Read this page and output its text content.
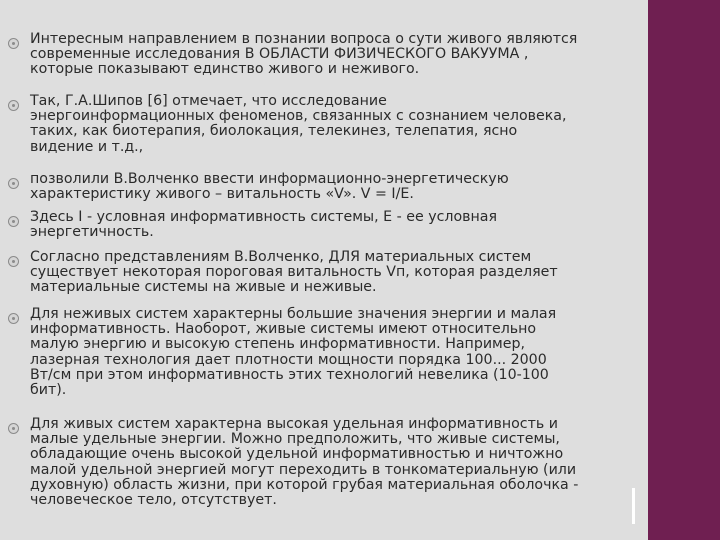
Интересным направлением в познании вопроса о сути живого являются
современные исследования В ОБЛАСТИ ФИЗИЧЕСКОГО ВАКУУМА ,
которые показывают единство живого и неживого.
Так, Г.А.Шипов [6] отмечает, что исследование
энергоинформационных феноменов, связанных с сознанием человека,
таких, как биотерапия, биолокация, телекинез, телепатия, ясно
видение и т.д.,
позволили В.Волченко ввести информационно-энергетическую
характеристику живого – витальность «V». V = I/E.
Здесь I - условная информативность системы, E - ее условная
энергетичность.
Согласно представлениям В.Волченко, ДЛЯ материальных систем
существует некоторая пороговая витальность Vп, которая разделяет
материальные системы на живые и неживые.
Для неживых систем характерны большие значения энергии и малая
информативность. Наоборот, живые системы имеют относительно
малую энергию и высокую степень информативности. Например,
лазерная технология дает плотности мощности порядка 100... 2000
Вт/см при этом информативность этих технологий невелика (10-100
бит).
Для живых систем характерна высокая удельная информативность и
малые удельные энергии. Можно предположить, что живые системы,
обладающие очень высокой удельной информативностью и ничтожно
малой удельной энергией могут переходить в тонкоматериальную (или
духовную) область жизни, при которой грубая материальная оболочка -
человеческое тело, отсутствует.
